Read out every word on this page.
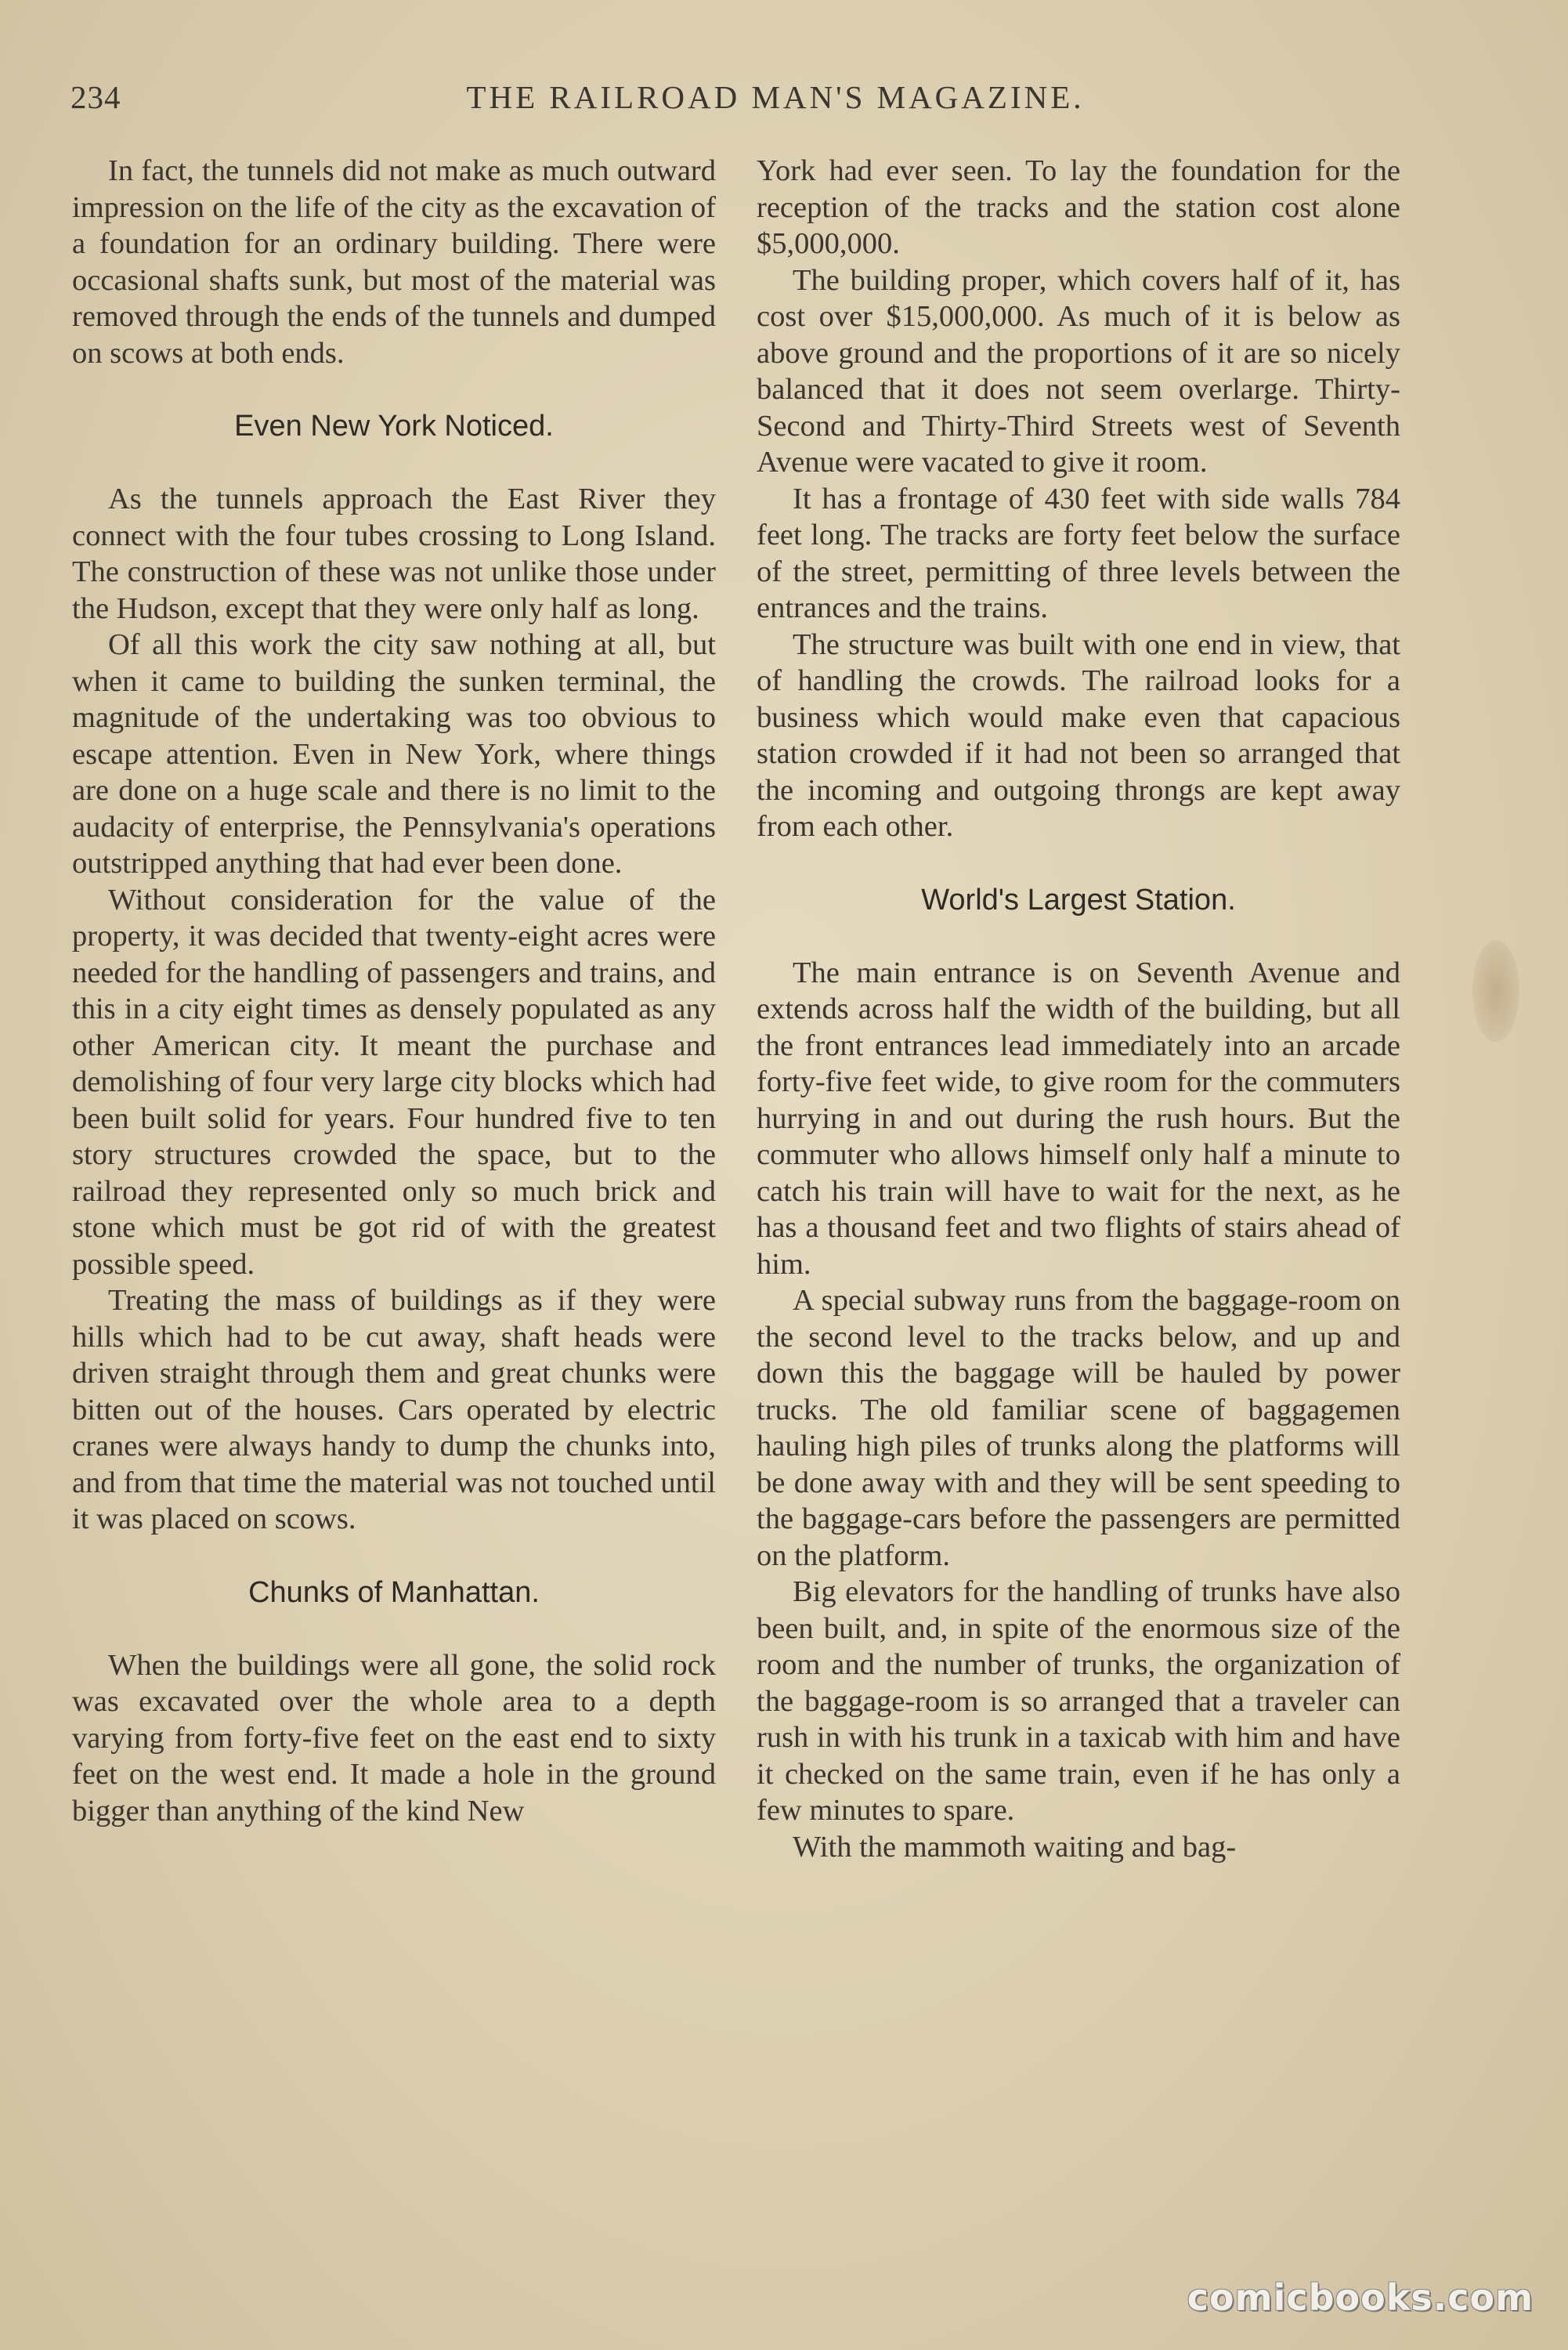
234	THE RAILROAD MAN'S MAGAZINE.

In fact, the tunnels did not make as much outward impression on the life of the city as the excavation of a foundation for an ordinary building. There were occasional shafts sunk, but most of the material was removed through the ends of the tunnels and dumped on scows at both ends.

Even New York Noticed.

As the tunnels approach the East River they connect with the four tubes crossing to Long Island. The construction of these was not unlike those under the Hudson, except that they were only half as long.

Of all this work the city saw nothing at all, but when it came to building the sunken terminal, the magnitude of the undertaking was too obvious to escape attention. Even in New York, where things are done on a huge scale and there is no limit to the audacity of enterprise, the Pennsylvania's operations outstripped anything that had ever been done.

Without consideration for the value of the property, it was decided that twenty-eight acres were needed for the handling of passengers and trains, and this in a city eight times as densely populated as any other American city. It meant the purchase and demolishing of four very large city blocks which had been built solid for years. Four hundred five to ten story structures crowded the space, but to the railroad they represented only so much brick and stone which must be got rid of with the greatest possible speed.

Treating the mass of buildings as if they were hills which had to be cut away, shaft heads were driven straight through them and great chunks were bitten out of the houses. Cars operated by electric cranes were always handy to dump the chunks into, and from that time the material was not touched until it was placed on scows.

Chunks of Manhattan.

When the buildings were all gone, the solid rock was excavated over the whole area to a depth varying from forty-five feet on the east end to sixty feet on the west end. It made a hole in the ground bigger than anything of the kind New

York had ever seen. To lay the foundation for the reception of the tracks and the station cost alone $5,000,000.

The building proper, which covers half of it, has cost over $15,000,000. As much of it is below as above ground and the proportions of it are so nicely balanced that it does not seem overlarge. Thirty-Second and Thirty-Third Streets west of Seventh Avenue were vacated to give it room.

It has a frontage of 430 feet with side walls 784 feet long. The tracks are forty feet below the surface of the street, permitting of three levels between the entrances and the trains.

The structure was built with one end in view, that of handling the crowds. The railroad looks for a business which would make even that capacious station crowded if it had not been so arranged that the incoming and outgoing throngs are kept away from each other.

World's Largest Station.

The main entrance is on Seventh Avenue and extends across half the width of the building, but all the front entrances lead immediately into an arcade forty-five feet wide, to give room for the commuters hurrying in and out during the rush hours. But the commuter who allows himself only half a minute to catch his train will have to wait for the next, as he has a thousand feet and two flights of stairs ahead of him.

A special subway runs from the baggage-room on the second level to the tracks below, and up and down this the baggage will be hauled by power trucks. The old familiar scene of baggagemen hauling high piles of trunks along the platforms will be done away with and they will be sent speeding to the baggage-cars before the passengers are permitted on the platform.

Big elevators for the handling of trunks have also been built, and, in spite of the enormous size of the room and the number of trunks, the organization of the baggage-room is so arranged that a traveler can rush in with his trunk in a taxicab with him and have it checked on the same train, even if he has only a few minutes to spare.

With the mammoth waiting and bag-

comicbooks.com
